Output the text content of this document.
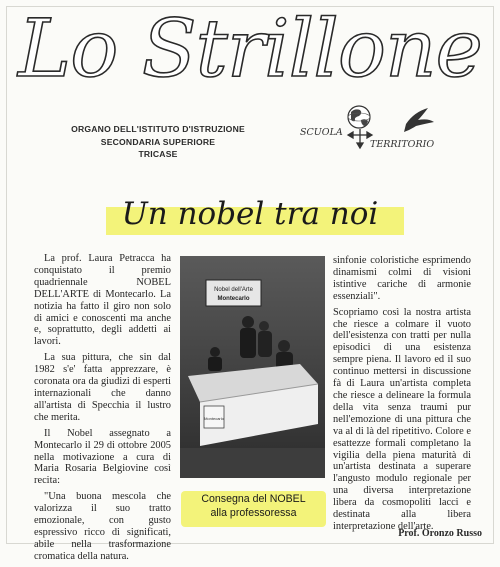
Lo Strillone
ORGANO DELL'ISTITUTO D'ISTRUZIONE
SECONDARIA SUPERIORE
TRICASE
SCUOLA
TERRITORIO
Un nobel tra noi

La prof. Laura Petracca ha conquistato il premio quadriennale NOBEL DELL'ARTE di Montecarlo. La notizia ha fatto il giro non solo di amici e conoscenti ma anche e, soprattutto, degli addetti ai lavori.

La sua pittura, che sin dal 1982 s'e' fatta apprezzare, è coronata ora da giudizi di esperti internazionali che danno all'artista di Specchia il lustro che merita.

Il Nobel assegnato a Montecarlo il 29 di ottobre 2005 nella motivazione a cura di Maria Rosaria Belgiovine così recita:

"Una buona mescola che valorizza il suo tratto emozionale, con gusto espressivo ricco di significati, abile nella trasformazione cromatica della natura.

Nobel dell'Arte
Montecarlo
Montecarlo
Consegna del NOBEL
alla professoressa

sinfonie coloristiche esprimendo dinamismi colmi di visioni istintive cariche di armonie essenziali".

Scopriamo così la nostra artista che riesce a colmare il vuoto dell'esistenza con tratti per nulla episodici di una esistenza sempre piena. Il lavoro ed il suo continuo mettersi in discussione fà di Laura un'artista completa che riesce a delineare la formula della vita senza traumi pur nell'emozione di una pittura che va al di là del ripetitivo. Colore e esattezze formali completano la vigilia della piena maturità di un'artista destinata a superare l'angusto modulo regionale per una diversa interpretazione libera da cosmopoliti lacci e destinata alla libera interpretazione dell'arte.

Prof. Oronzo Russo
